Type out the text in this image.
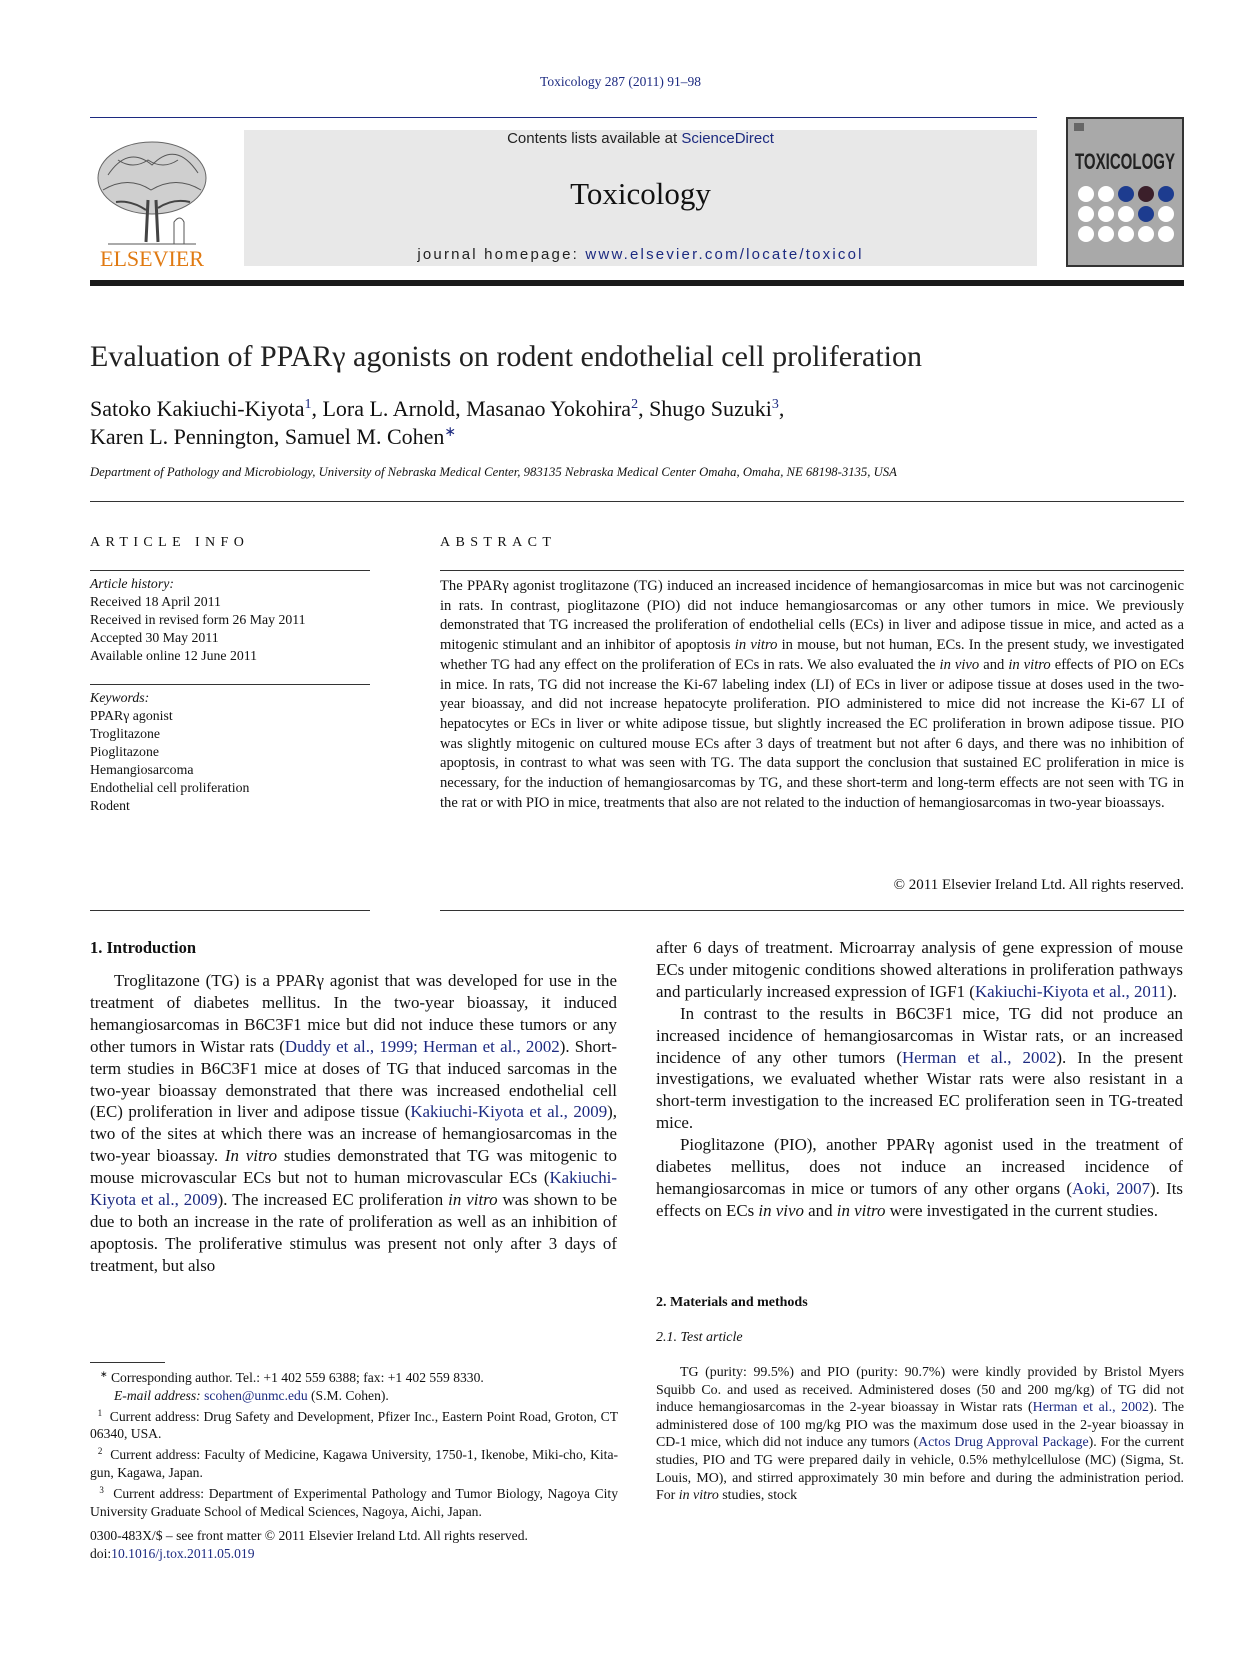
Toxicology 287 (2011) 91–98
ELSEVIER
Contents lists available at ScienceDirect
Toxicology
journal homepage: www.elsevier.com/locate/toxicol
TOXICOLOGY
Evaluation of PPARγ agonists on rodent endothelial cell proliferation
Satoko Kakiuchi-Kiyota$^1$, Lora L. Arnold, Masanao Yokohira$^2$, Shugo Suzuki$^3$,
Karen L. Pennington, Samuel M. Cohen∗
Department of Pathology and Microbiology, University of Nebraska Medical Center, 983135 Nebraska Medical Center Omaha, Omaha, NE 68198-3135, USA
ARTICLE INFO
Article history:
Received 18 April 2011
Received in revised form 26 May 2011
Accepted 30 May 2011
Available online 12 June 2011
Keywords:
PPARγ agonist
Troglitazone
Pioglitazone
Hemangiosarcoma
Endothelial cell proliferation
Rodent
ABSTRACT

The PPARγ agonist troglitazone (TG) induced an increased incidence of hemangiosarcomas in mice but was not carcinogenic in rats. In contrast, pioglitazone (PIO) did not induce hemangiosarcomas or any other tumors in mice. We previously demonstrated that TG increased the proliferation of endothelial cells (ECs) in liver and adipose tissue in mice, and acted as a mitogenic stimulant and an inhibitor of apoptosis in vitro in mouse, but not human, ECs. In the present study, we investigated whether TG had any effect on the proliferation of ECs in rats. We also evaluated the in vivo and in vitro effects of PIO on ECs in mice. In rats, TG did not increase the Ki-67 labeling index (LI) of ECs in liver or adipose tissue at doses used in the two-year bioassay, and did not increase hepatocyte proliferation. PIO administered to mice did not increase the Ki-67 LI of hepatocytes or ECs in liver or white adipose tissue, but slightly increased the EC proliferation in brown adipose tissue. PIO was slightly mitogenic on cultured mouse ECs after 3 days of treatment but not after 6 days, and there was no inhibition of apoptosis, in contrast to what was seen with TG. The data support the conclusion that sustained EC proliferation in mice is necessary, for the induction of hemangiosarcomas by TG, and these short-term and long-term effects are not seen with TG in the rat or with PIO in mice, treatments that also are not related to the induction of hemangiosarcomas in two-year bioassays.

© 2011 Elsevier Ireland Ltd. All rights reserved.
1. Introduction

Troglitazone (TG) is a PPARγ agonist that was developed for use in the treatment of diabetes mellitus. In the two-year bioassay, it induced hemangiosarcomas in B6C3F1 mice but did not induce these tumors or any other tumors in Wistar rats (Duddy et al., 1999; Herman et al., 2002). Short-term studies in B6C3F1 mice at doses of TG that induced sarcomas in the two-year bioassay demonstrated that there was increased endothelial cell (EC) proliferation in liver and adipose tissue (Kakiuchi-Kiyota et al., 2009), two of the sites at which there was an increase of hemangiosarcomas in the two-year bioassay. In vitro studies demonstrated that TG was mitogenic to mouse microvascular ECs but not to human microvascular ECs (Kakiuchi-Kiyota et al., 2009). The increased EC proliferation in vitro was shown to be due to both an increase in the rate of proliferation as well as an inhibition of apoptosis. The proliferative stimulus was present not only after 3 days of treatment, but also

after 6 days of treatment. Microarray analysis of gene expression of mouse ECs under mitogenic conditions showed alterations in proliferation pathways and particularly increased expression of IGF1 (Kakiuchi-Kiyota et al., 2011).

In contrast to the results in B6C3F1 mice, TG did not produce an increased incidence of hemangiosarcomas in Wistar rats, or an increased incidence of any other tumors (Herman et al., 2002). In the present investigations, we evaluated whether Wistar rats were also resistant in a short-term investigation to the increased EC proliferation seen in TG-treated mice.

Pioglitazone (PIO), another PPARγ agonist used in the treatment of diabetes mellitus, does not induce an increased incidence of hemangiosarcomas in mice or tumors of any other organs (Aoki, 2007). Its effects on ECs in vivo and in vitro were investigated in the current studies.

2. Materials and methods
2.1. Test article

TG (purity: 99.5%) and PIO (purity: 90.7%) were kindly provided by Bristol Myers Squibb Co. and used as received. Administered doses (50 and 200 mg/kg) of TG did not induce hemangiosarcomas in the 2-year bioassay in Wistar rats (Herman et al., 2002). The administered dose of 100 mg/kg PIO was the maximum dose used in the 2-year bioassay in CD-1 mice, which did not induce any tumors (Actos Drug Approval Package). For the current studies, PIO and TG were prepared daily in vehicle, 0.5% methylcellulose (MC) (Sigma, St. Louis, MO), and stirred approximately 30 min before and during the administration period. For in vitro studies, stock

∗ Corresponding author. Tel.: +1 402 559 6388; fax: +1 402 559 8330.
E-mail address: scohen@unmc.edu (S.M. Cohen).
$^1$ Current address: Drug Safety and Development, Pfizer Inc., Eastern Point Road, Groton, CT 06340, USA.
$^2$ Current address: Faculty of Medicine, Kagawa University, 1750-1, Ikenobe, Miki-cho, Kita-gun, Kagawa, Japan.
$^3$ Current address: Department of Experimental Pathology and Tumor Biology, Nagoya City University Graduate School of Medical Sciences, Nagoya, Aichi, Japan.
0300-483X/$ – see front matter © 2011 Elsevier Ireland Ltd. All rights reserved.
doi:10.1016/j.tox.2011.05.019
